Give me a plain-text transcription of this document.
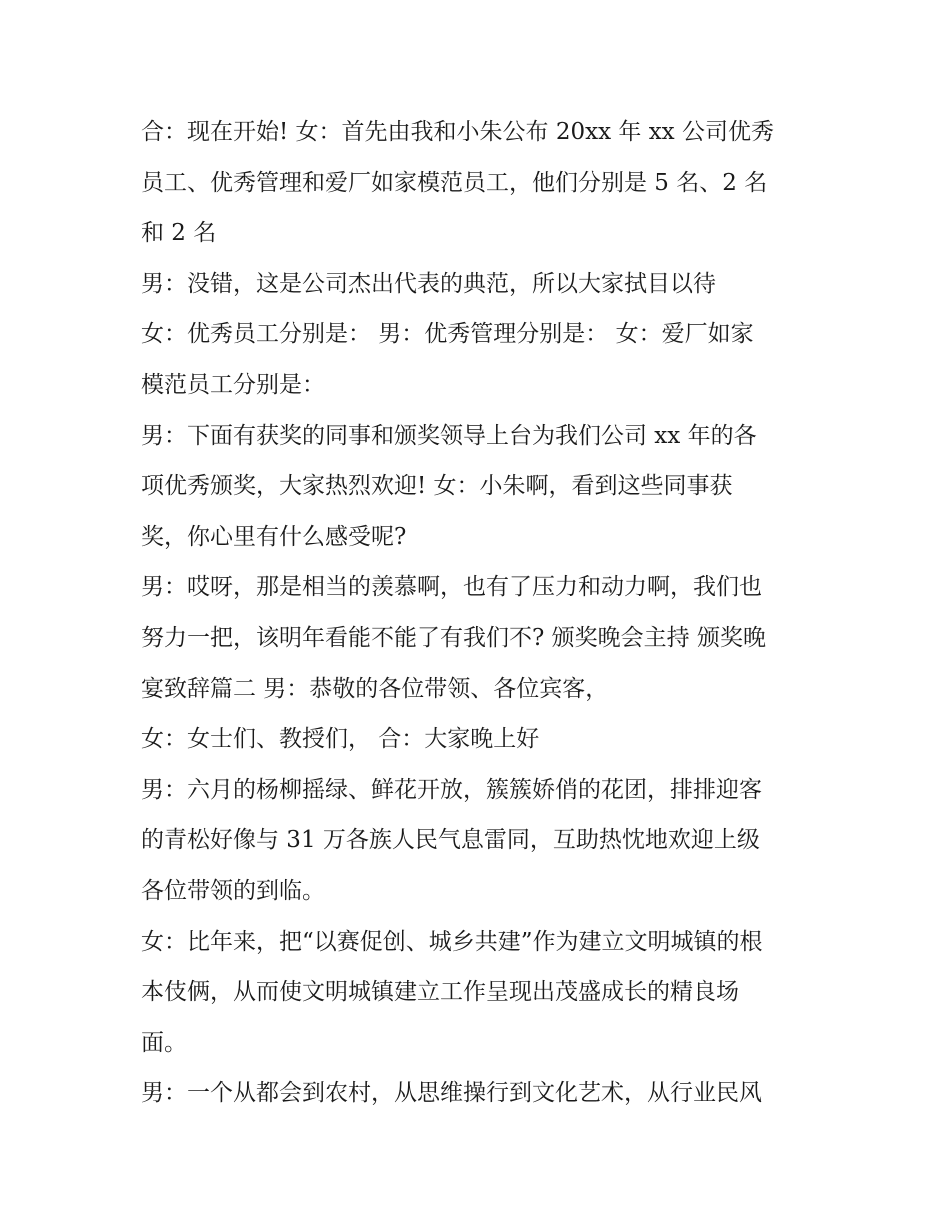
合：现在开始! 女：首先由我和小朱公布 20xx 年 xx 公司优秀
员工、优秀管理和爱厂如家模范员工，他们分别是 5 名、2 名
和 2 名
男：没错，这是公司杰出代表的典范，所以大家拭目以待
女：优秀员工分别是： 男：优秀管理分别是： 女：爱厂如家
模范员工分别是：
男：下面有获奖的同事和颁奖领导上台为我们公司 xx 年的各
项优秀颁奖，大家热烈欢迎! 女：小朱啊，看到这些同事获
奖，你心里有什么感受呢?
男：哎呀，那是相当的羡慕啊，也有了压力和动力啊，我们也
努力一把，该明年看能不能了有我们不? 颁奖晚会主持 颁奖晚
宴致辞篇二 男：恭敬的各位带领、各位宾客，
女：女士们、教授们， 合：大家晚上好
男：六月的杨柳摇绿、鲜花开放，簇簇娇俏的花团，排排迎客
的青松好像与 31 万各族人民气息雷同，互助热忱地欢迎上级
各位带领的到临。
女：比年来，把“以赛促创、城乡共建”作为建立文明城镇的根
本伎俩，从而使文明城镇建立工作呈现出茂盛成长的精良场
面。
男：一个从都会到农村，从思维操行到文化艺术，从行业民风
